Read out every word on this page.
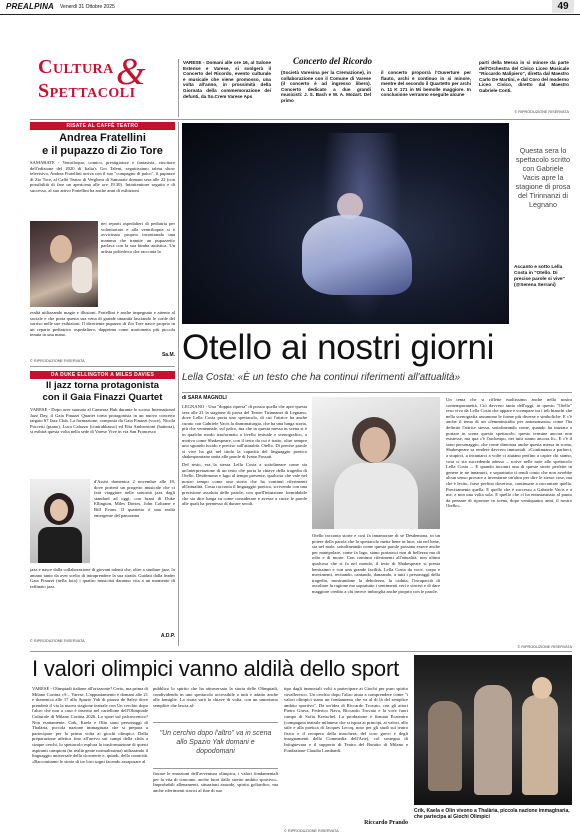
PREALPINA Venerdì 31 Ottobre 2025	49
Cultura &
Spettacoli
Concerto del Ricordo
VARESE - Domani alle ore 16, al Salone Estense e Varese, si svolgerà il Concerto del Ricordo, evento culturale e musicale che viene promosso, una volta all'anno, in prossimità della Giornata della commemorazione dei defunti, da So.Crem Varese Aps
(Società Varesina per la Cremazione), in collaborazione con il Comune di Varese (il concerto è ad ingresso libero). Concerto dedicato a due grandi musicisti: J. S. Bach e W. A. Mozart. Del primo
il concerto proporrà l'Ouverture per flauto, archi e continuo in si minore, mentre del secondo il Quartetto per archi n. 11 K 171 in Mi bemolle maggiore. In conclusione verranno eseguite alcune
parti della Messa in si minore da parte dell'Orchestra del Civico Liceo Musicale "Riccardo Malipiero", diretta dal Maestro Carlo De Martini, e dal Coro del moderno Liceo Civico, diretto dal Maestro Gabriele Conti.
© RIPRODUZIONE RISERVATA
RISATE AL CAFFÈ TEATRO
Andrea Fratellini
e il pupazzo di Zio Tore
SAMARATE - Ventriloquo, comico, prestigiatore e fantasista, vincitore dell'edizione del 2020 di Italia's Got Talent, seguitissimo talent show televisivo, Andrea Fratellini arriva con il suo "compagno di palco", il pupazzo di Zio Tore, al Caffè Teatro di Verghera di Samarate domani sera alle 22 (con possibilità di fare un apericena alle ore 19.30). Intrattenitore seguito e di successo, al suo attivo Fratellini ha anche anni di esibizioni
nei reparti ospedalieri di pediatria per volontariato e alla ventriloquia si è avvicinato proprio incontrando una mamma che tramite un pupazzetto parlava con la sua bimba autistica. Un artista poliedrico che racconta la
realtà utilizzando magie e illusioni. Fratellini è anche impegnato e attento al sociale e che porta questa sua vena di grande umanità lasciando le corde del sorriso nelle sue esibizioni. Il divertente pupazzo di Zio Tore nasce proprio in un reparto pediatrico ospedaliero, dapprima come marionetta più piccola tenuta in una mano.
Sa.M.
© RIPRODUZIONE RISERVATA
DA DUKE ELLINGTON A MILES DAVIES
Il jazz torna protagonista
con il Gaia Finazzi Quartet
VARESE - Dopo aver suonato al Cameraz Hub durante lo scorso International Jazz Day, il Gaia Finazzi Quartet torna protagonista in un nuovo concerto targato 67 Jazz Club. La formazione, composta da Gaia Finazzi (voce), Nicola Puccetti (piano), Luca Calazzo (contrabbasso) ed Elia Ambrosioni (batteria), si esibirà questa volta nella sede di Varese Vive in via San Francesco
d'Assisi domenica 2 novembre alle 18, dove porterà un progetto musicale che ci farà viaggiare nelle sonorità jazz dagli standard ad oggi, con brani di Duke Ellington, Miles Davies, John Coltrane e Bill Evans. Il quartetto è una realtà emergente del panorama
jazz e nasce dalla collaborazione di giovani talenti che, oltre a studiare jazz, lo amano tanto da aver scelto di intraprendere la sua strada. Guidati dalla leader Gaia Finazzi (nella foto) i quattro musicisti daranno vita a un momento di raffinato jazz.
A.D.P.
© RIPRODUZIONE RISERVATA
Questa sera lo spettacolo scritto con Gabriele Vacis apre la stagione di prosa del Tirinnanzi di Legnano
Accanto e sotto Lella Costa in "Otello. Di precise parole si vive" (@Serena Serrani)
Otello ai nostri giorni
Lella Costa: «È un testo che ha continui riferimenti all'attualità»
di SARA MAGNOLI

LEGNANO - Una "doppia ripresa" di possia quella che apre questa sera alle 21 la stagione di prosa del Teatro Tirinnanzi di Legnano, dove Lella Costa porta uno spettacolo, di cui l'attrice ha anche curato con Gabriele Vacis la drammaturgia, che ha una lunga storia, più che ventennale, sul palco, ma che in questa messa in scena si è in qualche modo trasformato a livello testuale e scenografico, a motivo come Shakespeare, con il testo da cui è tratto, oltre sempre uno sguardo lucido e preciso sull'attualità. Otello. Di precise parole si vive ha già nel titolo la capacità del linguaggio poetico shakespeariano unita alle parole di Ivano Fossati.

Del resto, era la stessa Lella Costa a sottolineare come sia un'interpretazione di un testo che porta la chiave della tragedia di Otello, Desdemona e Iago al tempo presente, qualcosa che vale nel nostro tempo come una storia che ha continui riferimenti all'attualità. Costa racconta il linguaggio poetico, scrivendo con una precisione assoluta delle parole, con quell'intuizione formidabile che sia dice lunga su come considerare e avesse a cuore le parole alle quali ha permesso di durare secoli.

Otello racconta storie e così fa innamorare di sé Desdemona, in un potere della parola che lo spettacolo mette bene in luce, sia nel bene, sia nel male, sottolineando come questa parole possano essere anche per manipolare, come fa Iago, siano portatrici non di bellezza ma di odio e di morte. Con continui riferimenti all'attualità, non ultimi qualcosa che si fa nel mondo, il testo di Shakespeare si presta benissimo e con una grande facilità, Lella Costa da voce, corpo e movimenti, recitando, cantando, danzando, a tutti i personaggi della tragedia, mostrandone la debolezza, la caduta, l'incapacità di ascoltare la ragione ma sopratutto i sentimenti veri e sinceri e di dare maggiore credito a chi invece imbroglia anche proprio con le parole.
Un tema che si riflette moltissimo anche nella nostra contemporaneità. Ciò davvero tanto dell'oggi, in questo "Otello" reso vivo da Lella Costa che appare e scompare tra i teli bianchi che nella scenografia assumono le forme più diverse e simboliche. E c'è anche il tema di un «femminicidio per antonomasia» come l'ha definito l'attrice stessa, sottolineando come, quando ha iniziato a portare in scena questo spettacolo, questo termine ancora non esistesse, ma qua c'è l'archetipo, nei tutti siamo ancora lì». E c'è il sono personaggio, che come dimostra anche questa messa in scena, Shakespeare sa rendere davvero immortali. «Continuano a parlarci, a stupirci, a incantarci a volte ci aiutano perfino a capire chi siamo, cosa ci sta succedendo adesso – scrive nelle note allo spettacolo Lella Costa –. E quando incontri una di queste storie perfette in genere te ne innamori, e soprattutto ti rendi conto che non avrebbe alcun senso provare a inventarne un'altra per dire le stesse cose, ma che è lecito, forse perfino doveroso, continuare a raccontare quella. Precisamente quella. E quello che è successo a Gabriele Vacis e a me, e non una volta sola. E quello che ci ha entusiasmato al punto da pensare di riportare in scena, dopo ventiquattro anni, il nostro Otello».
© RIPRODUZIONE RISERVATA
I valori olimpici vanno aldilà dello sport
VARESE - Olimpiadi italiane all'orizzonte? Certo, ma prima di Milano Cortina c'è... Varese. L'appuntamento è domani alle 21 e domenica alle 17 allo Spazio Yak di piazza de Salvo dove prenderà il via la nuova stagione teatrale con Un cerchio dopo l'altro che non a caso è inserito nel cartellone dell'Olimpiade Culturale di Milano Cortina 2026. Lo sport sul palcoscenico? Non esattamente. Crik, Kaela e Olin sono personaggi di Thalària, piccola nazione immaginata che si prepara a partecipare per la prima volta ai giochi olimpici. Dalla preparazione atletica fino all'arrivo sui campi della sfida a cinque cerchi, lo spettacolo esplora la trasformazione di questi aspiranti campioni (in realtà gente normalissima) utilizzando il linguaggio universale della clownerie e, quindi, della comicità. «Raccontiamo le storie di tre loro sogni facendo assaporare al
pubblico lo spirito che ha attraversato la storia delle Olimpiadi, condividendo in uno spettacolo accessibile a tutti e adatto anche alle famiglie. La risata sarà la chiave di volta, con un umorismo semplice che lascia al-
"Un cerchio dopo l'altro" va in scena allo Spazio Yak domani e dopodomani
fiorare le emozioni dell'avventura olimpica, i valori fondamentali per la vita di ciascuno, anche fuori dallo stretto ambito sportivo». Improbabili allenamenti, situazioni assurde, spirito goliardico, ma anche riferimenti storici al fine di suo
tipo dagli immortali volti a partecipare ai Giochi per puro spirito cavalleresco. Un cerchio dopo l'altro aiuta a comprendere come "i valori olimpici siano un fondamento che va al di là del semplice ambito sportivo". Da un'idea di Riccardo Trovato, con gli attori Pietro Grava, Federico Nava, Riccardo Trovato e la voce fuori campo di Sofia Kretschel. La produzione è firmata Ecateatro (compagnia teatrale milanese che si ispira ai principi, ai valori, allo stile e alla poetica di Jacques Lecoq, noto per gli studi sul teatro fisico e il recupero della maschera, del coro greco e degli insegnamenti della Commedia dell'Arte), col sostegno di Infoguevara e il supporto di Teatro del Buratto di Milano e Fondazione Claudia Lombardi.
Riccardo Prando
© RIPRODUZIONE RISERVATA
Crik, Kaela e Olin vivono a Thalària, piccola nazione immaginaria, che partecipa ai Giochi Olimpici
